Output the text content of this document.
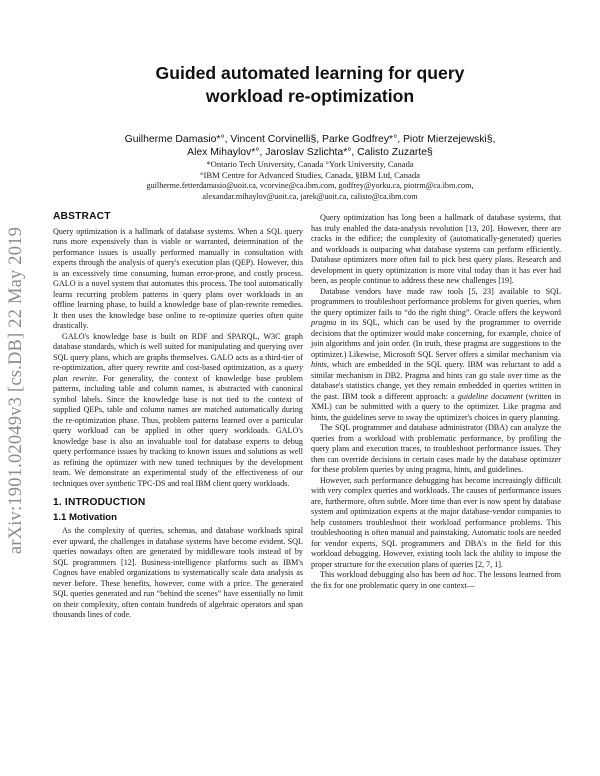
arXiv:1901.02049v3 [cs.DB] 22 May 2019
Guided automated learning for query
workload re-optimization
Guilherme Damasio*°, Vincent Corvinelli§, Parke Godfrey*°, Piotr Mierzejewski§,
Alex Mihaylov*°, Jaroslav Szlichta*°, Calisto Zuzarte§
*Ontario Tech University, Canada °York University, Canada
°IBM Centre for Advanced Studies, Canada, §IBM Ltd, Canada
guilherme.fetterdamasio@uoit.ca, vcorvine@ca.ibm.com, godfrey@yorku.ca, piotrm@ca.ibm.com,
alexandar.mihaylov@uoit.ca, jarek@uoit.ca, calisto@ca.ibm.com
ABSTRACT

Query optimization is a hallmark of database systems. When a SQL query runs more expensively than is viable or warranted, determination of the performance issues is usually performed manually in consultation with experts through the analysis of query's execution plan (QEP). However, this is an excessively time consuming, human error-prone, and costly process. GALO is a novel system that automates this process. The tool automatically learns recurring problem patterns in query plans over workloads in an offline learning phase, to build a knowledge base of plan-rewrite remedies. It then uses the knowledge base online to re-optimize queries often quite drastically.

GALO's knowledge base is built on RDF and SPARQL, W3C graph database standards, which is well suited for manipulating and querying over SQL query plans, which are graphs themselves. GALO acts as a third-tier of re-optimization, after query rewrite and cost-based optimization, as a query plan rewrite. For generality, the context of knowledge base problem patterns, including table and column names, is abstracted with canonical symbol labels. Since the knowledge base is not tied to the context of supplied QEPs, table and column names are matched automatically during the re-optimization phase. Thus, problem patterns learned over a particular query workload can be applied in other query workloads. GALO's knowledge base is also an invaluable tool for database experts to debug query performance issues by tracking to known issues and solutions as well as refining the optimizer with new tuned techniques by the development team. We demonstrate an experimental study of the effectiveness of our techniques over synthetic TPC-DS and real IBM client query workloads.

1. INTRODUCTION
1.1 Motivation

As the complexity of queries, schemas, and database workloads spiral ever upward, the challenges in database systems have become evident. SQL queries nowadays often are generated by middleware tools instead of by SQL programmers [12]. Business-intelligence platforms such as IBM's Cognos have enabled organizations to systematically scale data analysis as never before. These benefits, however, come with a price. The generated SQL queries generated and run “behind the scenes” have essentially no limit on their complexity, often contain hundreds of algebraic operators and span thousands lines of code.

Query optimization has long been a hallmark of database systems, that has truly enabled the data-analysis revolution [13, 20]. However, there are cracks in the edifice; the complexity of (automatically-generated) queries and workloads is outpacing what database systems can perform efficiently. Database optimizers more often fail to pick best query plans. Research and development in query optimization is more vital today than it has ever had been, as people continue to address these new challenges [19].

Database vendors have made raw tools [5, 23] available to SQL programmers to troubleshoot performance problems for given queries, when the query optimizer fails to “do the right thing”. Oracle offers the keyword pragma in its SQL, which can be used by the programmer to override decisions that the optimizer would make concerning, for example, choice of join algorithms and join order. (In truth, these pragma are suggestions to the optimizer.) Likewise, Microsoft SQL Server offers a similar mechanism via hints, which are embedded in the SQL query. IBM was reluctant to add a similar mechanism in DB2. Pragma and hints can go stale over time as the database's statistics change, yet they remain embedded in queries written in the past. IBM took a different approach: a guideline document (written in XML) can be submitted with a query to the optimizer. Like pragma and hints, the guidelines serve to sway the optimizer's choices in query planning.

The SQL programmer and database administrator (DBA) can analyze the queries from a workload with problematic performance, by profiling the query plans and execution traces, to troubleshoot performance issues. They then can override decisions in certain cases made by the database optimizer for these problem queries by using pragma, hints, and guidelines.

However, such performance debugging has become increasingly difficult with very complex queries and workloads. The causes of performance issues are, furthermore, often subtle. More time than ever is now spent by database system and optimization experts at the major database-vendor companies to help customers troubleshoot their workload performance problems. This troubleshooting is often manual and painstaking. Automatic tools are needed for vendor experts, SQL programmers and DBA's in the field for this workload debugging. However, existing tools lack the ability to impose the proper structure for the execution plans of queries [2, 7, 1].

This workload debugging also has been ad hoc. The lessons learned from the fix for one problematic query in one context—
